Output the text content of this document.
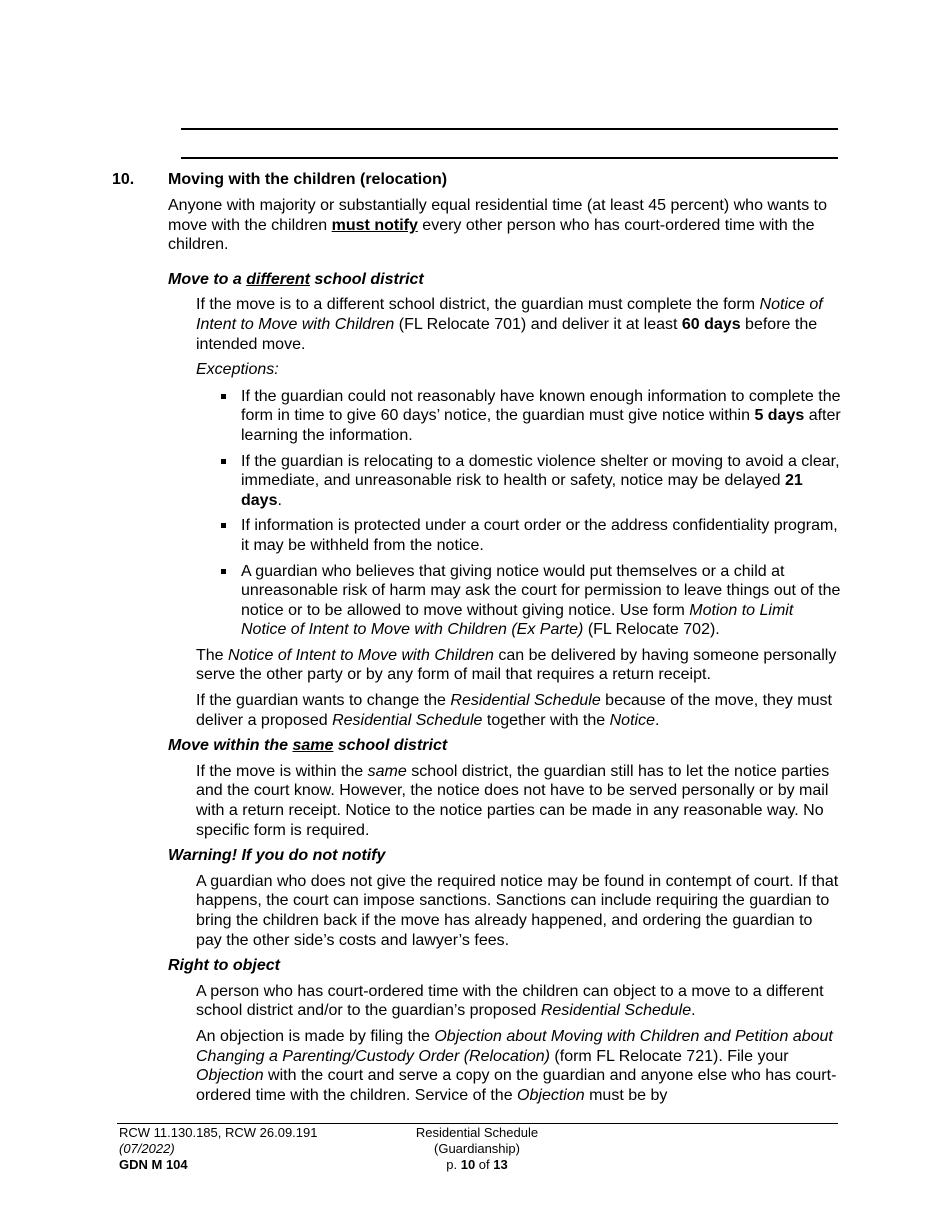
10. Moving with the children (relocation)

Anyone with majority or substantially equal residential time (at least 45 percent) who wants to move with the children must notify every other person who has court-ordered time with the children.

Move to a different school district

If the move is to a different school district, the guardian must complete the form Notice of Intent to Move with Children (FL Relocate 701) and deliver it at least 60 days before the intended move.

Exceptions:

If the guardian could not reasonably have known enough information to complete the form in time to give 60 days’ notice, the guardian must give notice within 5 days after learning the information.
If the guardian is relocating to a domestic violence shelter or moving to avoid a clear, immediate, and unreasonable risk to health or safety, notice may be delayed 21 days.
If information is protected under a court order or the address confidentiality program, it may be withheld from the notice.
A guardian who believes that giving notice would put themselves or a child at unreasonable risk of harm may ask the court for permission to leave things out of the notice or to be allowed to move without giving notice. Use form Motion to Limit Notice of Intent to Move with Children (Ex Parte) (FL Relocate 702).

The Notice of Intent to Move with Children can be delivered by having someone personally serve the other party or by any form of mail that requires a return receipt.

If the guardian wants to change the Residential Schedule because of the move, they must deliver a proposed Residential Schedule together with the Notice.

Move within the same school district

If the move is within the same school district, the guardian still has to let the notice parties and the court know. However, the notice does not have to be served personally or by mail with a return receipt. Notice to the notice parties can be made in any reasonable way. No specific form is required.

Warning! If you do not notify

A guardian who does not give the required notice may be found in contempt of court. If that happens, the court can impose sanctions. Sanctions can include requiring the guardian to bring the children back if the move has already happened, and ordering the guardian to pay the other side’s costs and lawyer’s fees.

Right to object

A person who has court-ordered time with the children can object to a move to a different school district and/or to the guardian’s proposed Residential Schedule.

An objection is made by filing the Objection about Moving with Children and Petition about Changing a Parenting/Custody Order (Relocation) (form FL Relocate 721). File your Objection with the court and serve a copy on the guardian and anyone else who has court-ordered time with the children. Service of the Objection must be by

RCW 11.130.185, RCW 26.09.191
(07/2022)
GDN M 104
Residential Schedule
(Guardianship)
p. 10 of 13
